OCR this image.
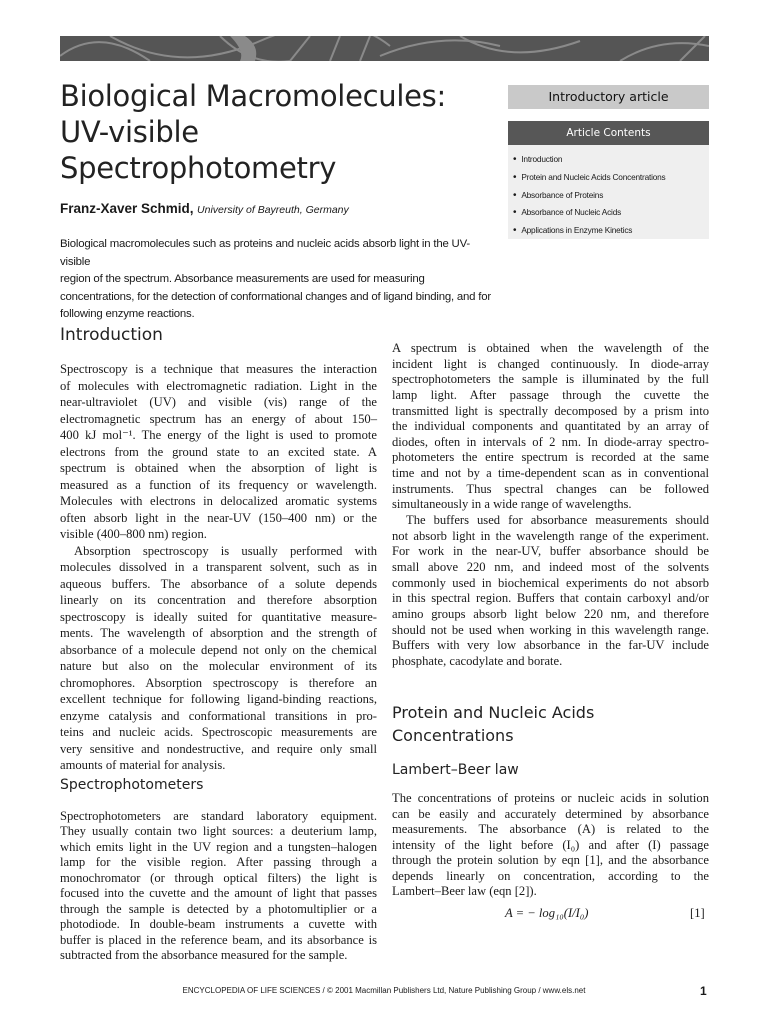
Biological Macromolecules:
UV-visible
Spectrophotometry
Franz-Xaver Schmid, University of Bayreuth, Germany
Biological macromolecules such as proteins and nucleic acids absorb light in the UV-visible
region of the spectrum. Absorbance measurements are used for measuring
concentrations, for the detection of conformational changes and of ligand binding, and for
following enzyme reactions.
Introductory article
Article Contents
• Introduction
• Protein and Nucleic Acids Concentrations
• Absorbance of Proteins
• Absorbance of Nucleic Acids
• Applications in Enzyme Kinetics
Introduction
Spectroscopy is a technique that measures the interaction
of molecules with electromagnetic radiation. Light in the
near-ultraviolet (UV) and visible (vis) range of the
electromagnetic spectrum has an energy of about 150–
400 kJ mol⁻¹. The energy of the light is used to promote
electrons from the ground state to an excited state. A
spectrum is obtained when the absorption of light is
measured as a function of its frequency or wavelength.
Molecules with electrons in delocalized aromatic systems
often absorb light in the near-UV (150–400 nm) or the
visible (400–800 nm) region.
Absorption spectroscopy is usually performed with
molecules dissolved in a transparent solvent, such as in
aqueous buffers. The absorbance of a solute depends
linearly on its concentration and therefore absorption
spectroscopy is ideally suited for quantitative measure-
ments. The wavelength of absorption and the strength of
absorbance of a molecule depend not only on the chemical
nature but also on the molecular environment of its
chromophores. Absorption spectroscopy is therefore an
excellent technique for following ligand-binding reactions,
enzyme catalysis and conformational transitions in pro-
teins and nucleic acids. Spectroscopic measurements are
very sensitive and nondestructive, and require only small
amounts of material for analysis.
Spectrophotometers
Spectrophotometers are standard laboratory equipment.
They usually contain two light sources: a deuterium lamp,
which emits light in the UV region and a tungsten–halogen
lamp for the visible region. After passing through a
monochromator (or through optical filters) the light is
focused into the cuvette and the amount of light that passes
through the sample is detected by a photomultiplier or a
photodiode. In double-beam instruments a cuvette with
buffer is placed in the reference beam, and its absorbance is
subtracted from the absorbance measured for the sample.
A spectrum is obtained when the wavelength of the
incident light is changed continuously. In diode-array
spectrophotometers the sample is illuminated by the full
lamp light. After passage through the cuvette the
transmitted light is spectrally decomposed by a prism into
the individual components and quantitated by an array of
diodes, often in intervals of 2 nm. In diode-array spectro-
photometers the entire spectrum is recorded at the same
time and not by a time-dependent scan as in conventional
instruments. Thus spectral changes can be followed
simultaneously in a wide range of wavelengths.
The buffers used for absorbance measurements should
not absorb light in the wavelength range of the experiment.
For work in the near-UV, buffer absorbance should be
small above 220 nm, and indeed most of the solvents
commonly used in biochemical experiments do not absorb
in this spectral region. Buffers that contain carboxyl and/or
amino groups absorb light below 220 nm, and therefore
should not be used when working in this wavelength range.
Buffers with very low absorbance in the far-UV include
phosphate, cacodylate and borate.
Protein and Nucleic Acids
Concentrations
Lambert–Beer law
The concentrations of proteins or nucleic acids in solution
can be easily and accurately determined by absorbance
measurements. The absorbance (A) is related to the
intensity of the light before (I₀) and after (I) passage
through the protein solution by eqn [1], and the absorbance
depends linearly on concentration, according to the
Lambert–Beer law (eqn [2]).
A = − log₁₀(I/I₀)	[1]
ENCYCLOPEDIA OF LIFE SCIENCES / © 2001 Macmillan Publishers Ltd, Nature Publishing Group / www.els.net	1
